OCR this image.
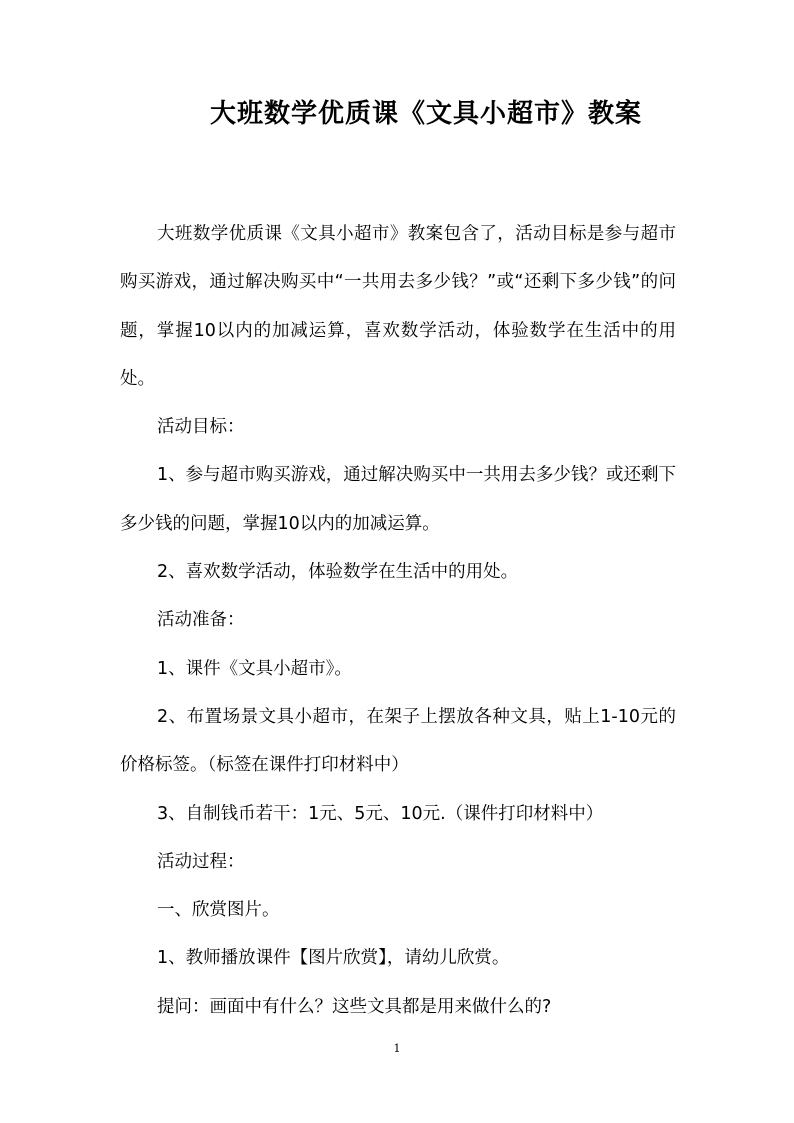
大班数学优质课《文具小超市》教案

大班数学优质课《文具小超市》教案包含了，活动目标是参与超市购买游戏，通过解决购买中“一共用去多少钱？”或“还剩下多少钱”的问题，掌握10以内的加减运算，喜欢数学活动，体验数学在生活中的用处。

活动目标：

1、参与超市购买游戏，通过解决购买中一共用去多少钱？或还剩下多少钱的问题，掌握10以内的加减运算。

2、喜欢数学活动，体验数学在生活中的用处。

活动准备：

1、课件《文具小超市》。

2、布置场景文具小超市，在架子上摆放各种文具，贴上1-10元的价格标签。（标签在课件打印材料中）

3、自制钱币若干：1元、5元、10元.（课件打印材料中）

活动过程：

一、欣赏图片。

1、教师播放课件【图片欣赏】，请幼儿欣赏。

提问：画面中有什么？这些文具都是用来做什么的?

1
